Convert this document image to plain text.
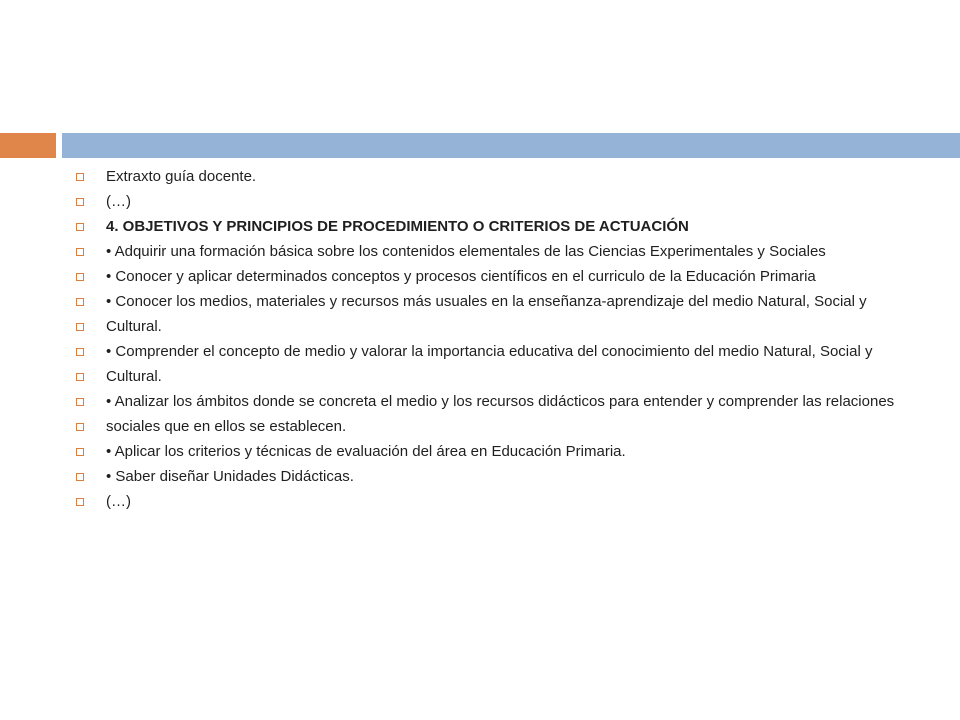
Extraxto guía docente.
(…)
4. OBJETIVOS Y PRINCIPIOS DE PROCEDIMIENTO O CRITERIOS DE ACTUACIÓN
• Adquirir una formación básica sobre los contenidos elementales de las Ciencias Experimentales y Sociales
• Conocer y aplicar determinados conceptos y procesos científicos en el curriculo de la Educación Primaria
• Conocer los medios, materiales y recursos más usuales en la enseñanza-aprendizaje del medio Natural, Social y
Cultural.
• Comprender el concepto de medio y valorar la importancia educativa del conocimiento del medio Natural, Social y
Cultural.
• Analizar los ámbitos donde se concreta el medio y los recursos didácticos para entender y comprender las relaciones
sociales que en ellos se establecen.
• Aplicar los criterios y técnicas de evaluación del área en Educación Primaria.
• Saber diseñar Unidades Didácticas.
(…)
